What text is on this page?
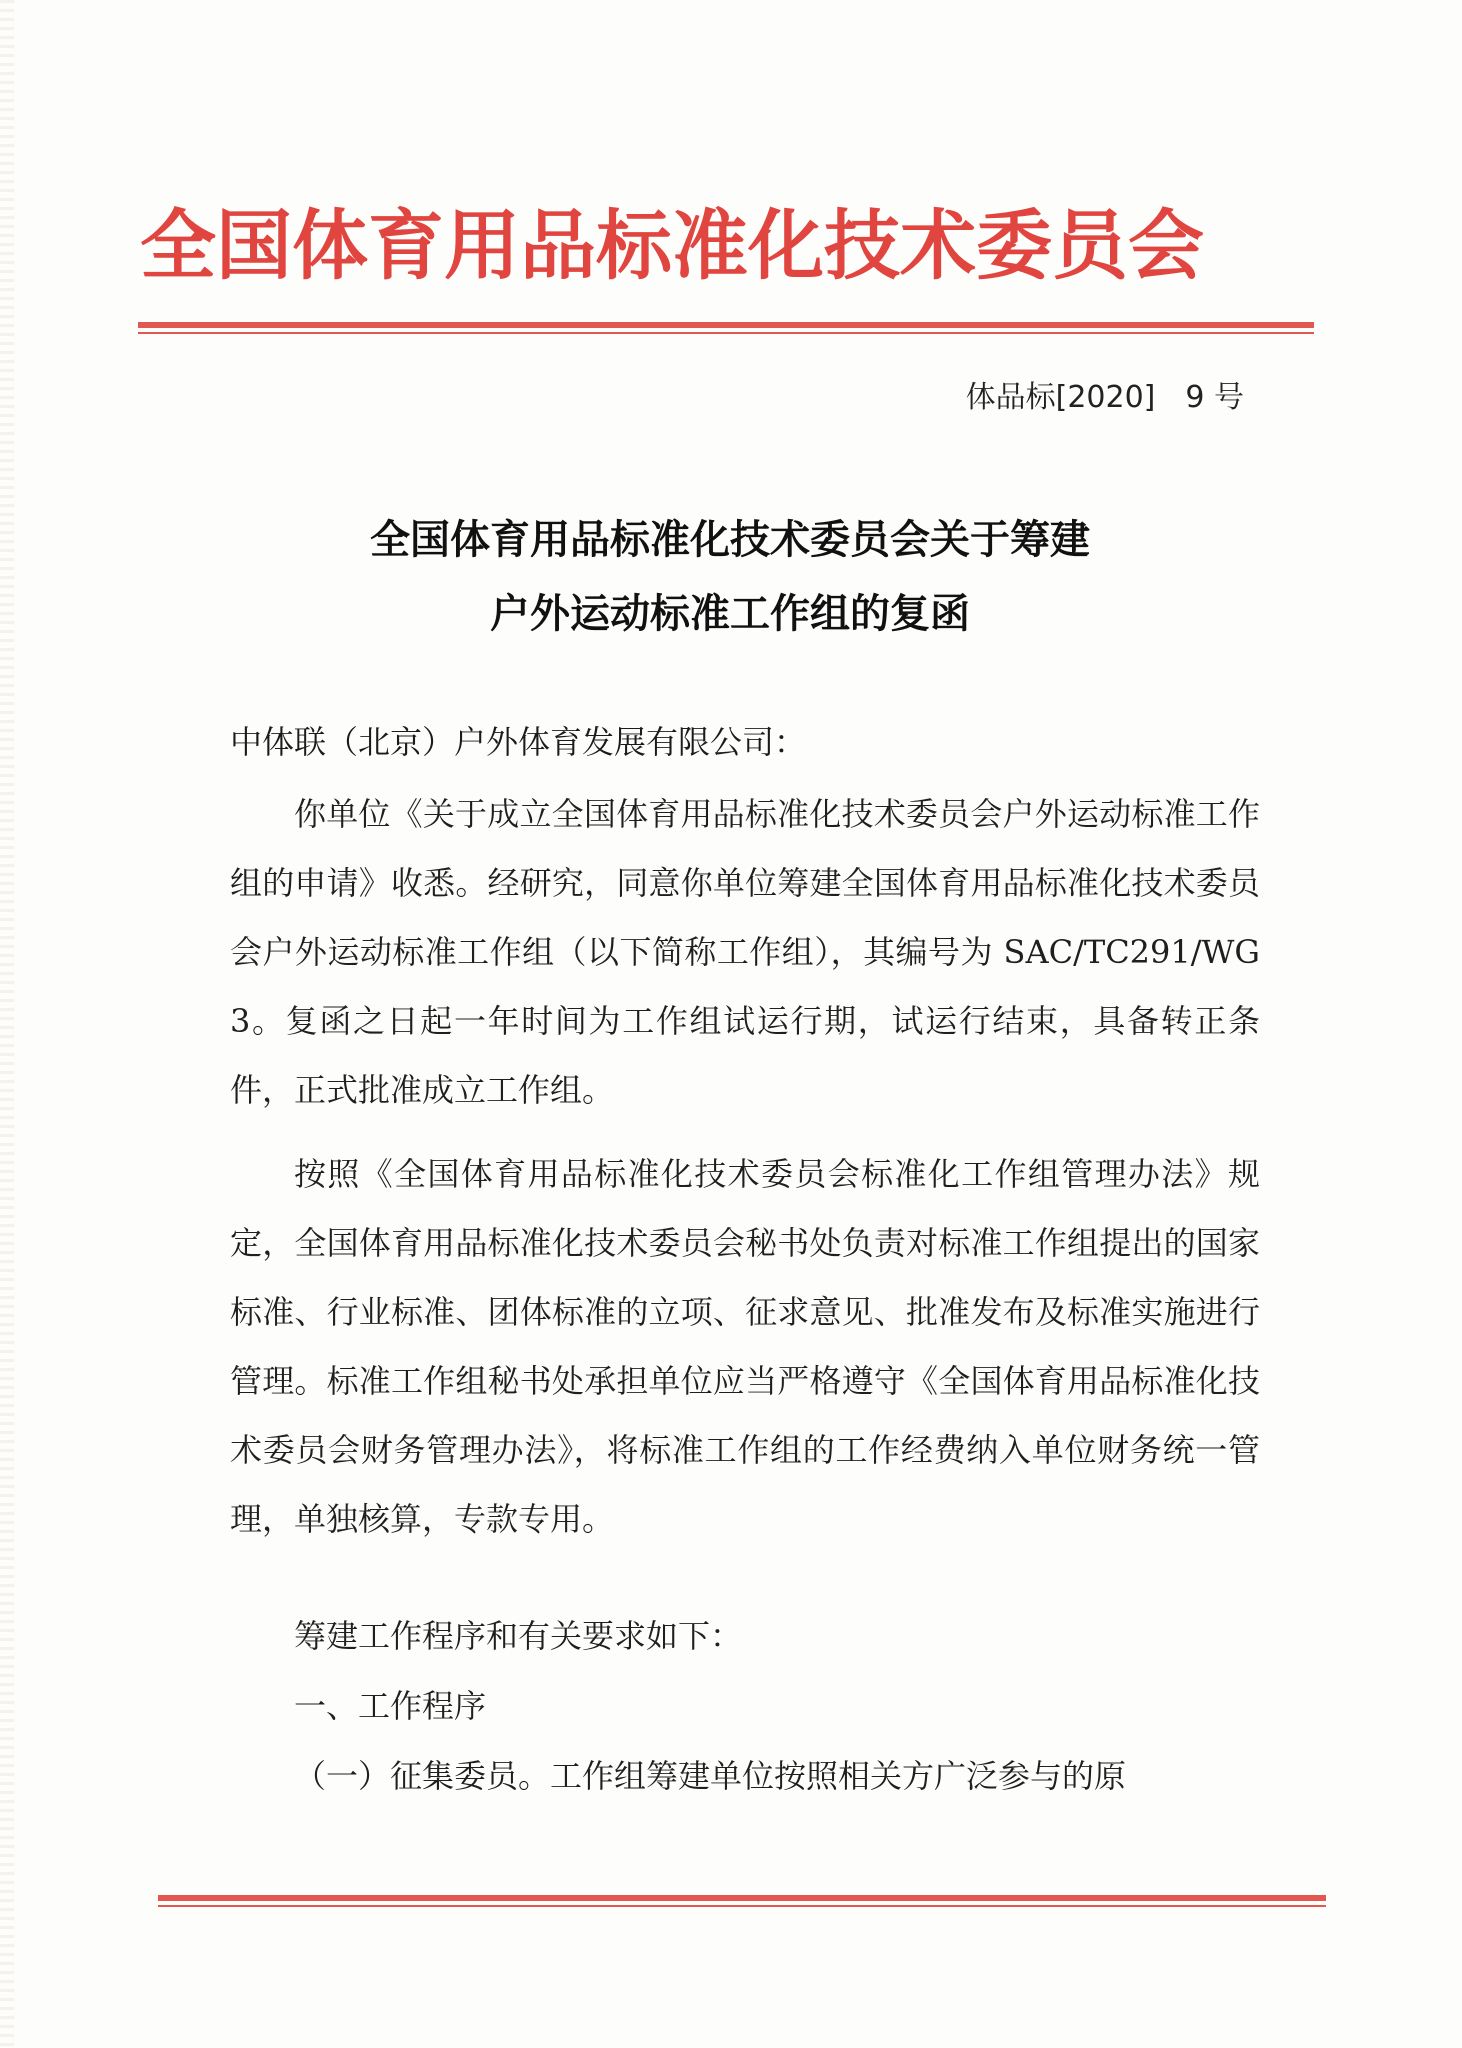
全国体育用品标准化技术委员会
体品标[2020]　9 号
全国体育用品标准化技术委员会关于筹建
户外运动标准工作组的复函
中体联（北京）户外体育发展有限公司：

你单位《关于成立全国体育用品标准化技术委员会户外运动标准工作组的申请》收悉。经研究，同意你单位筹建全国体育用品标准化技术委员会户外运动标准工作组（以下简称工作组），其编号为 SAC/TC291/WG 3。复函之日起一年时间为工作组试运行期，试运行结束，具备转正条件，正式批准成立工作组。

按照《全国体育用品标准化技术委员会标准化工作组管理办法》规定，全国体育用品标准化技术委员会秘书处负责对标准工作组提出的国家标准、行业标准、团体标准的立项、征求意见、批准发布及标准实施进行管理。标准工作组秘书处承担单位应当严格遵守《全国体育用品标准化技术委员会财务管理办法》，将标准工作组的工作经费纳入单位财务统一管理，单独核算，专款专用。

筹建工作程序和有关要求如下：

一、工作程序

（一）征集委员。工作组筹建单位按照相关方广泛参与的原
